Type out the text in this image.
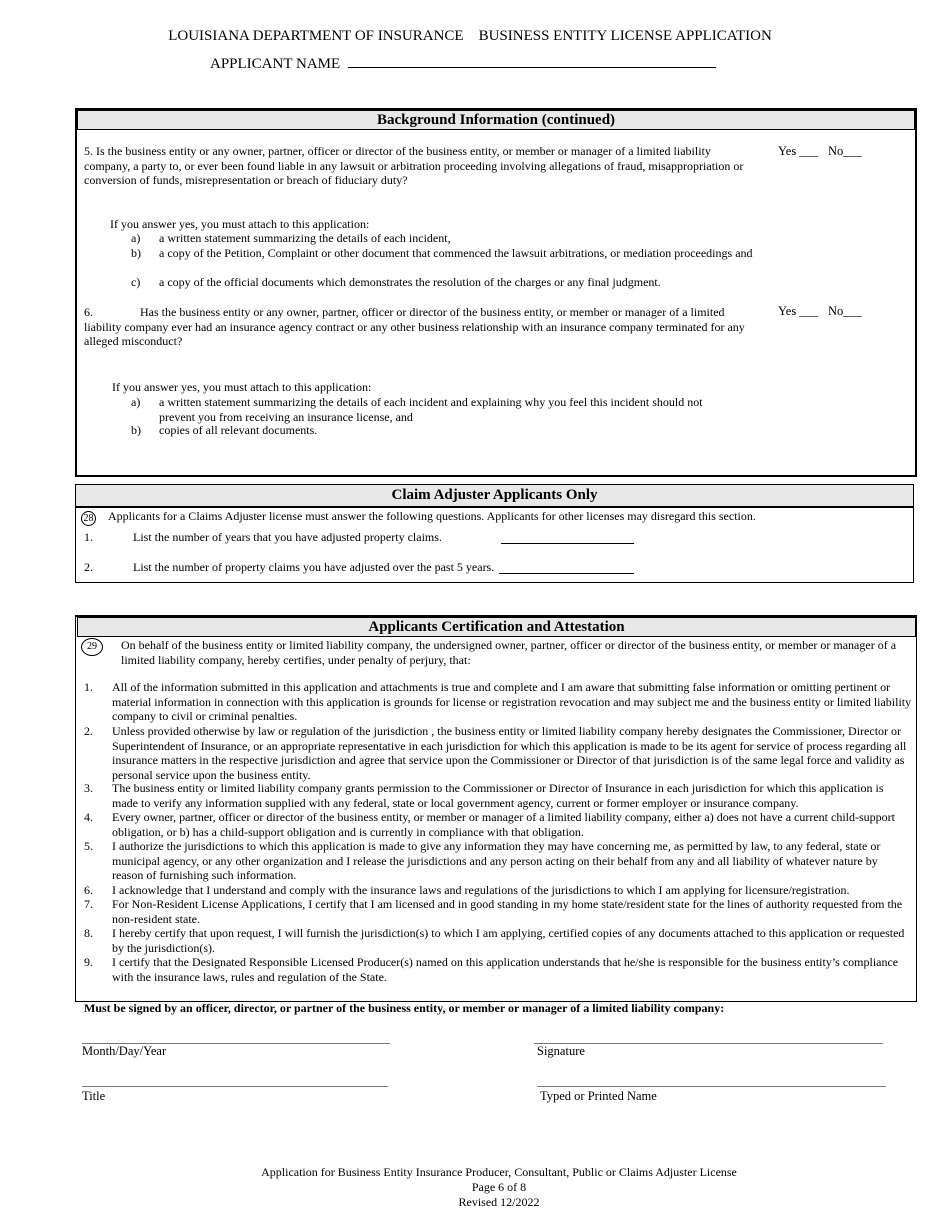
LOUISIANA DEPARTMENT OF INSURANCE    BUSINESS ENTITY LICENSE APPLICATION
APPLICANT NAME
Background Information (continued)
5. Is the business entity or any owner, partner, officer or director of the business entity, or member or manager of a limited liability company, a party to, or ever been found liable in any lawsuit or arbitration proceeding involving allegations of fraud, misappropriation or conversion of funds, misrepresentation or breach of fiduciary duty?
Yes ___ No___
If you answer yes, you must attach to this application:
a) a written statement summarizing the details of each incident,
b) a copy of the Petition, Complaint or other document that commenced the lawsuit arbitrations, or mediation proceedings and
c) a copy of the official documents which demonstrates the resolution of the charges or any final judgment.
6.	Has the business entity or any owner, partner, officer or director of the business entity, or member or manager of a limited liability company ever had an insurance agency contract or any other business relationship with an insurance company terminated for any alleged misconduct?
Yes ___ No___
If you answer yes, you must attach to this application:
a) a written statement summarizing the details of each incident and explaining why you feel this incident should not prevent you from receiving an insurance license, and
b) copies of all relevant documents.
Claim Adjuster Applicants Only
28 Applicants for a Claims Adjuster license must answer the following questions. Applicants for other licenses may disregard this section.
1.	List the number of years that you have adjusted property claims.
2.	List the number of property claims you have adjusted over the past 5 years.
Applicants Certification and Attestation
29	On behalf of the business entity or limited liability company, the undersigned owner, partner, officer or director of the business entity, or member or manager of a limited liability company, hereby certifies, under penalty of perjury, that:
1. All of the information submitted in this application and attachments is true and complete and I am aware that submitting false information or omitting pertinent or material information in connection with this application is grounds for license or registration revocation and may subject me and the business entity or limited liability company to civil or criminal penalties.
2. Unless provided otherwise by law or regulation of the jurisdiction , the business entity or limited liability company hereby designates the Commissioner, Director or Superintendent of Insurance, or an appropriate representative in each jurisdiction for which this application is made to be its agent for service of process regarding all insurance matters in the respective jurisdiction and agree that service upon the Commissioner or Director of that jurisdiction is of the same legal force and validity as personal service upon the business entity.
3. The business entity or limited liability company grants permission to the Commissioner or Director of Insurance in each jurisdiction for which this application is made to verify any information supplied with any federal, state or local government agency, current or former employer or insurance company.
4. Every owner, partner, officer or director of the business entity, or member or manager of a limited liability company, either a) does not have a current child-support obligation, or b) has a child-support obligation and is currently in compliance with that obligation.
5. I authorize the jurisdictions to which this application is made to give any information they may have concerning me, as permitted by law, to any federal, state or municipal agency, or any other organization and I release the jurisdictions and any person acting on their behalf from any and all liability of whatever nature by reason of furnishing such information.
6. I acknowledge that I understand and comply with the insurance laws and regulations of the jurisdictions to which I am applying for licensure/registration.
7. For Non-Resident License Applications, I certify that I am licensed and in good standing in my home state/resident state for the lines of authority requested from the non-resident state.
8. I hereby certify that upon request, I will furnish the jurisdiction(s) to which I am applying, certified copies of any documents attached to this application or requested by the jurisdiction(s).
9. I certify that the Designated Responsible Licensed Producer(s) named on this application understands that he/she is responsible for the business entity’s compliance with the insurance laws, rules and regulation of the State.
Must be signed by an officer, director, or partner of the business entity, or member or manager of a limited liability company:
Month/Day/Year	Signature
Title	Typed or Printed Name
Application for Business Entity Insurance Producer, Consultant, Public or Claims Adjuster License
Page 6 of 8
Revised 12/2022
